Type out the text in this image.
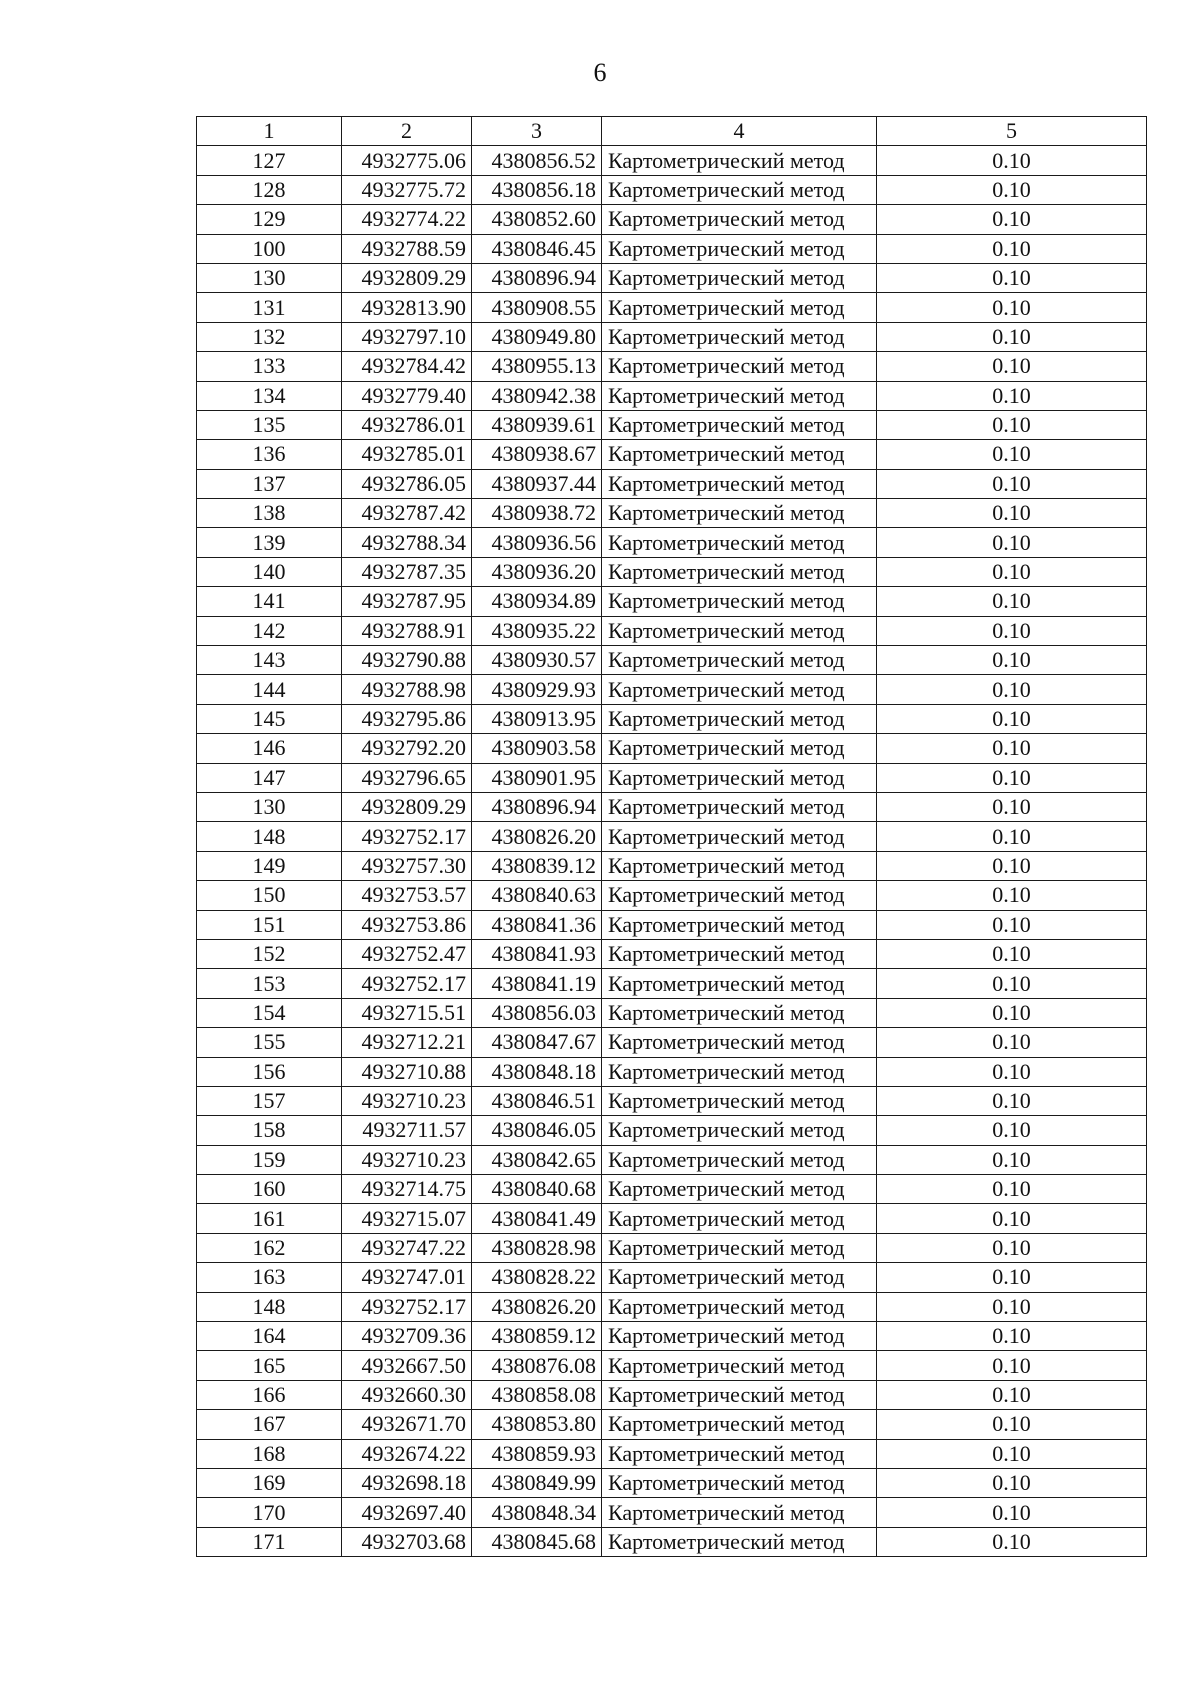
6
1	2	3	4	5
127	4932775.06	4380856.52	Картометрический метод	0.10
128	4932775.72	4380856.18	Картометрический метод	0.10
129	4932774.22	4380852.60	Картометрический метод	0.10
100	4932788.59	4380846.45	Картометрический метод	0.10
130	4932809.29	4380896.94	Картометрический метод	0.10
131	4932813.90	4380908.55	Картометрический метод	0.10
132	4932797.10	4380949.80	Картометрический метод	0.10
133	4932784.42	4380955.13	Картометрический метод	0.10
134	4932779.40	4380942.38	Картометрический метод	0.10
135	4932786.01	4380939.61	Картометрический метод	0.10
136	4932785.01	4380938.67	Картометрический метод	0.10
137	4932786.05	4380937.44	Картометрический метод	0.10
138	4932787.42	4380938.72	Картометрический метод	0.10
139	4932788.34	4380936.56	Картометрический метод	0.10
140	4932787.35	4380936.20	Картометрический метод	0.10
141	4932787.95	4380934.89	Картометрический метод	0.10
142	4932788.91	4380935.22	Картометрический метод	0.10
143	4932790.88	4380930.57	Картометрический метод	0.10
144	4932788.98	4380929.93	Картометрический метод	0.10
145	4932795.86	4380913.95	Картометрический метод	0.10
146	4932792.20	4380903.58	Картометрический метод	0.10
147	4932796.65	4380901.95	Картометрический метод	0.10
130	4932809.29	4380896.94	Картометрический метод	0.10
148	4932752.17	4380826.20	Картометрический метод	0.10
149	4932757.30	4380839.12	Картометрический метод	0.10
150	4932753.57	4380840.63	Картометрический метод	0.10
151	4932753.86	4380841.36	Картометрический метод	0.10
152	4932752.47	4380841.93	Картометрический метод	0.10
153	4932752.17	4380841.19	Картометрический метод	0.10
154	4932715.51	4380856.03	Картометрический метод	0.10
155	4932712.21	4380847.67	Картометрический метод	0.10
156	4932710.88	4380848.18	Картометрический метод	0.10
157	4932710.23	4380846.51	Картометрический метод	0.10
158	4932711.57	4380846.05	Картометрический метод	0.10
159	4932710.23	4380842.65	Картометрический метод	0.10
160	4932714.75	4380840.68	Картометрический метод	0.10
161	4932715.07	4380841.49	Картометрический метод	0.10
162	4932747.22	4380828.98	Картометрический метод	0.10
163	4932747.01	4380828.22	Картометрический метод	0.10
148	4932752.17	4380826.20	Картометрический метод	0.10
164	4932709.36	4380859.12	Картометрический метод	0.10
165	4932667.50	4380876.08	Картометрический метод	0.10
166	4932660.30	4380858.08	Картометрический метод	0.10
167	4932671.70	4380853.80	Картометрический метод	0.10
168	4932674.22	4380859.93	Картометрический метод	0.10
169	4932698.18	4380849.99	Картометрический метод	0.10
170	4932697.40	4380848.34	Картометрический метод	0.10
171	4932703.68	4380845.68	Картометрический метод	0.10
